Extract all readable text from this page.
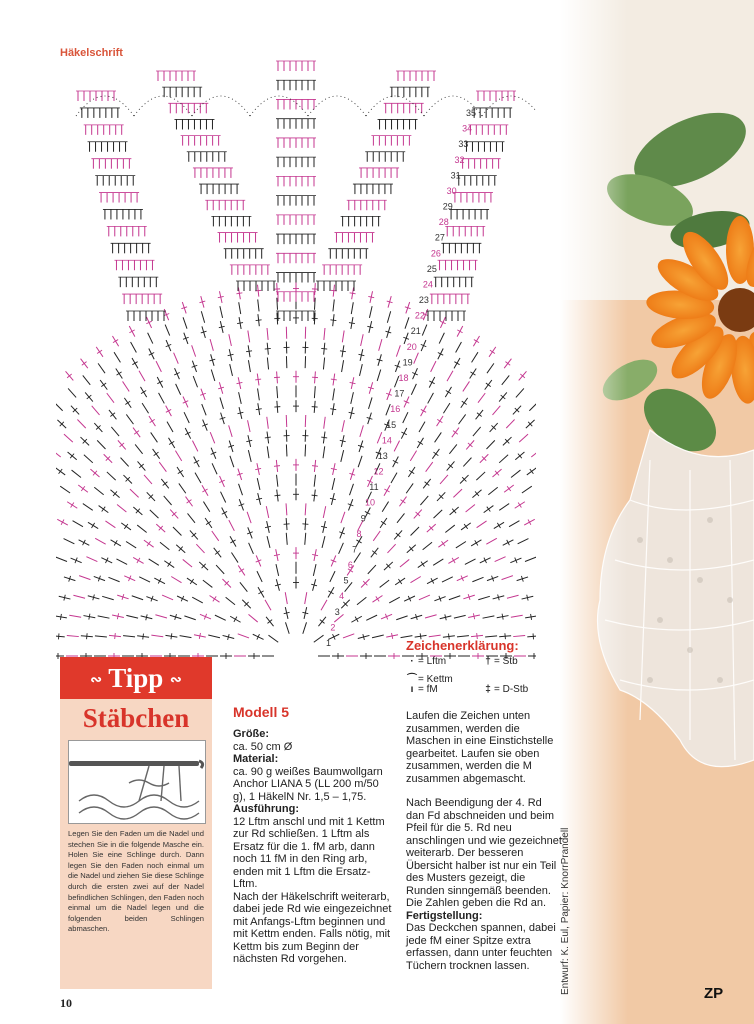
Häkelschrift
1
2
3
4
5
6
7
8
9
10
11
12
13
14
15
16
17
18
19
20
21
22
23
24
25
26
27
28
29
30
31
32
33
34
35
∾ Tipp ∾
Stäbchen
Legen Sie den Faden um die Nadel und stechen Sie in die folgende Masche ein. Holen Sie eine Schlinge durch. Dann legen Sie den Faden noch einmal um die Nadel und ziehen Sie diese Schlinge durch die ersten zwei auf der Nadel befindlichen Schlingen, den Faden noch einmal um die Nadel legen und die folgenden beiden Schlingen abmaschen.
Modell 5

Größe:

ca. 50 cm Ø

Material:

ca. 90 g weißes Baumwollgarn Anchor LIANA 5 (LL 200 m/50 g), 1 HäkelN Nr. 1,5 – 1,75.

Ausführung:

12 Lftm anschl und mit 1 Kettm zur Rd schließen. 1 Lftm als Ersatz für die 1. fM arb, dann noch 11 fM in den Ring arb, enden mit 1 Lftm die Ersatz-Lftm.

Nach der Häkelschrift weiterarb, dabei jede Rd wie eingezeichnet mit Anfangs-Lftm beginnen und mit Kettm enden. Falls nötig, mit Kettm bis zum Beginn der nächsten Rd vorgehen.

Zeichenerklärung:
· = Lftm
⌒= Kettm
ı = fM
† = Stb
‡ = D-Stb

Laufen die Zeichen unten zusammen, werden die Maschen in eine Einstichstelle gearbeitet. Laufen sie oben zusammen, werden die M zusammen abgemascht.

Nach Beendigung der 4. Rd dan Fd abschneiden und beim Pfeil für die 5. Rd neu anschlingen und wie gezeichnet weiterarb. Der besseren Übersicht halber ist nur ein Teil des Musters gezeigt, die Runden sinngemäß beenden. Die Zahlen geben die Rd an.

Fertigstellung:

Das Deckchen spannen, dabei jede fM einer Spitze extra erfassen, dann unter feuchten Tüchern trocknen lassen.	Entwurf: K. Eul, Papier: KnorrPrandell
10
ZP
